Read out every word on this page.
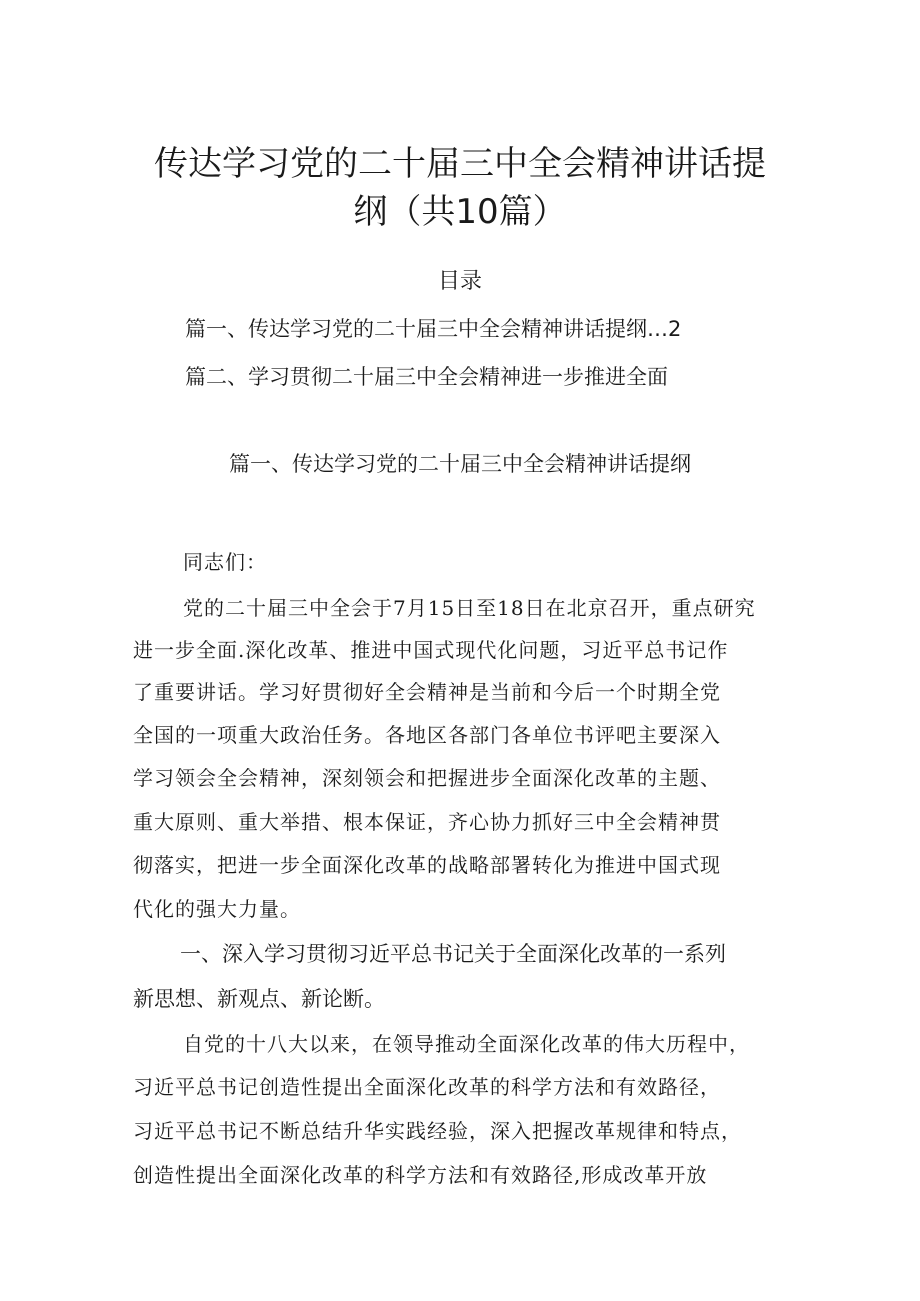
传达学习党的二十届三中全会精神讲话提
纲（共10篇）
目录
篇一、传达学习党的二十届三中全会精神讲话提纲…2
篇二、学习贯彻二十届三中全会精神进一步推进全面
篇一、传达学习党的二十届三中全会精神讲话提纲
同志们：
党的二十届三中全会于7月15日至18日在北京召开，重点研究
进一步全面.深化改革、推进中国式现代化问题，习近平总书记作
了重要讲话。学习好贯彻好全会精神是当前和今后一个时期全党
全国的一项重大政治任务。各地区各部门各单位书评吧主要深入
学习领会全会精神，深刻领会和把握进步全面深化改革的主题、
重大原则、重大举措、根本保证，齐心协力抓好三中全会精神贯
彻落实，把进一步全面深化改革的战略部署转化为推进中国式现
代化的强大力量。
一、深入学习贯彻习近平总书记关于全面深化改革的一系列
新思想、新观点、新论断。
自党的十八大以来，在领导推动全面深化改革的伟大历程中，
习近平总书记创造性提出全面深化改革的科学方法和有效路径，
习近平总书记不断总结升华实践经验，深入把握改革规律和特点，
创造性提出全面深化改革的科学方法和有效路径,形成改革开放
